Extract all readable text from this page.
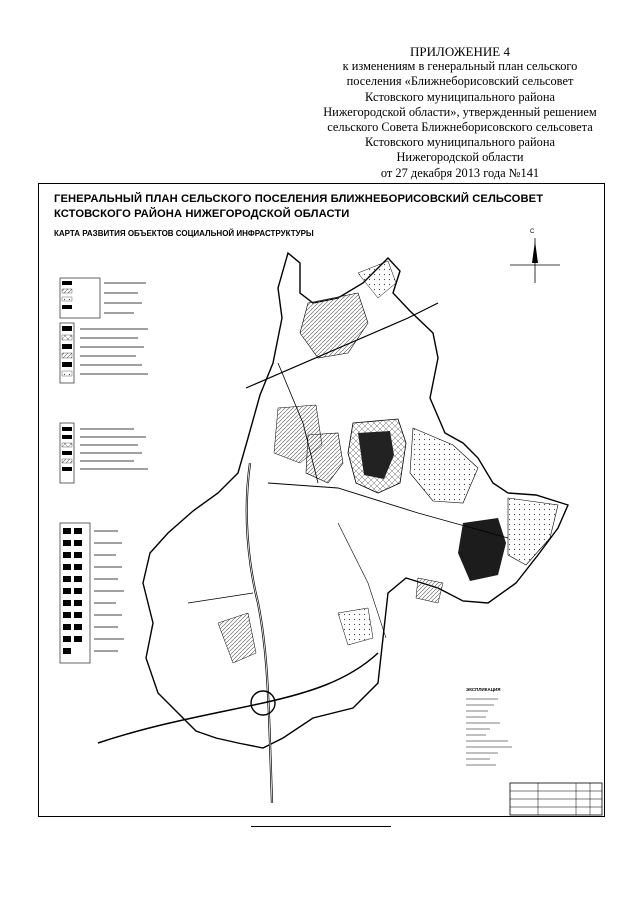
ПРИЛОЖЕНИЕ 4
к изменениям в генеральный план сельского
поселения «Ближнеборисовский сельсовет
Кстовского муниципального района
Нижегородской области», утвержденный решением
сельского Совета Ближнеборисовского сельсовета
Кстовского муниципального района
Нижегородской области
от 27 декабря 2013 года №141
ЭКСПЛИКАЦИЯ
С
ГЕНЕРАЛЬНЫЙ ПЛАН СЕЛЬСКОГО ПОСЕЛЕНИЯ БЛИЖНЕБОРИСОВСКИЙ СЕЛЬСОВЕТ
КСТОВСКОГО РАЙОНА НИЖЕГОРОДСКОЙ ОБЛАСТИ
КАРТА РАЗВИТИЯ ОБЪЕКТОВ СОЦИАЛЬНОЙ ИНФРАСТРУКТУРЫ
